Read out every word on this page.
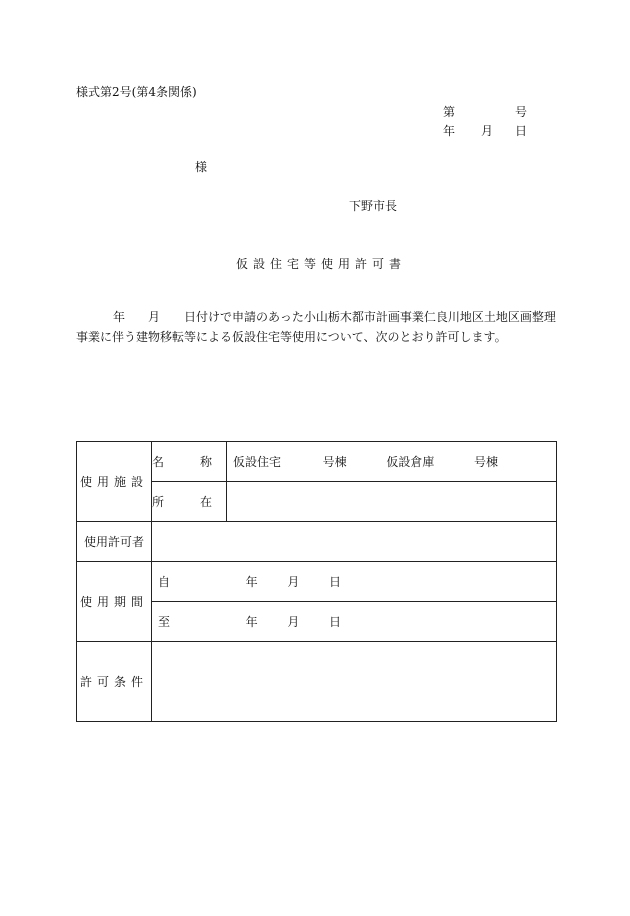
様式第2号(第4条関係)
第	号
年 月 日
様
下野市長
仮設住宅等使用許可書
年 月 日付けで申請のあった小山栃木都市計画事業仁良川地区土地区画整理
事業に伴う建物移転等による仮設住宅等使用について、次のとおり許可します。
使用施設	名　　称	仮設住宅 号棟 仮設倉庫 号棟
	所　　在	
使用許可者		
使用期間	自 年 月 日	
	至 年 月 日	
許可条件		
